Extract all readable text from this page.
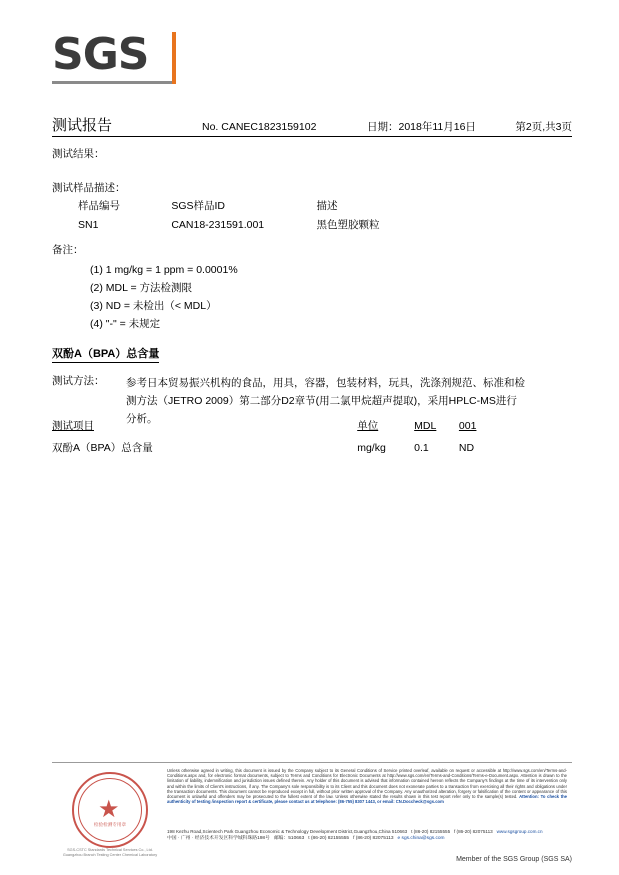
SGS
测试报告	No. CANEC1823159102	日期：2018年11月16日	第2页,共3页
测试结果：
测试样品描述：
样品编号	SGS样品ID	描述
SN1	CAN18-231591.001	黑色塑胶颗粒
备注：
(1) 1 mg/kg = 1 ppm = 0.0001%
(2) MDL = 方法检测限
(3) ND = 未检出（< MDL）
(4) "-" = 未规定
双酚A（BPA）总含量
测试方法： 参考日本贸易振兴机构的食品，用具，容器，包装材料，玩具，洗涤剂规范、标准和检测方法（JETRO 2009）第二部分D2章节(用二氯甲烷超声提取)，采用HPLC-MS进行分析。
测试项目	单位	MDL	001
双酚A（BPA）总含量	mg/kg	0.1	ND
★
检验检测专用章
SGS-CSTC Standards Technical Services Co., Ltd.
Guangzhou Branch Testing Center Chemical Laboratory
Unless otherwise agreed in writing, this document is issued by the Company subject to its General Conditions of Service printed overleaf, available on request or accessible at http://www.sgs.com/en/Terms-and-Conditions.aspx and, for electronic format documents, subject to Terms and Conditions for Electronic Documents at http://www.sgs.com/en/Terms-and-Conditions/Terms-e-Document.aspx. Attention is drawn to the limitation of liability, indemnification and jurisdiction issues defined therein. Any holder of this document is advised that information contained hereon reflects the Company's findings at the time of its intervention only and within the limits of Client's instructions, if any. The Company's sole responsibility is to its Client and this document does not exonerate parties to a transaction from exercising all their rights and obligations under the transaction documents. This document cannot be reproduced except in full, without prior written approval of the Company. Any unauthorized alteration, forgery or falsification of the content or appearance of this document is unlawful and offenders may be prosecuted to the fullest extent of the law. Unless otherwise stated the results shown in this test report refer only to the sample(s) tested. Attention: To check the authenticity of testing /inspection report & certificate, please contact us at telephone: (86-755) 8307 1443, or email: CN.Doccheck@sgs.com
198 Kezhu Road,Scientech Park Guangzhou Economic & Technology Development District,Guangzhou,China 510663 t (86-20) 82155555 f (86-20) 82075113 www.sgsgroup.com.cn
中国 · 广州 · 经济技术开发区科学城科珠路198号 邮编：510663 t (86-20) 82155555 f (86-20) 82075113 e sgs.china@sgs.com
Member of the SGS Group (SGS SA)
